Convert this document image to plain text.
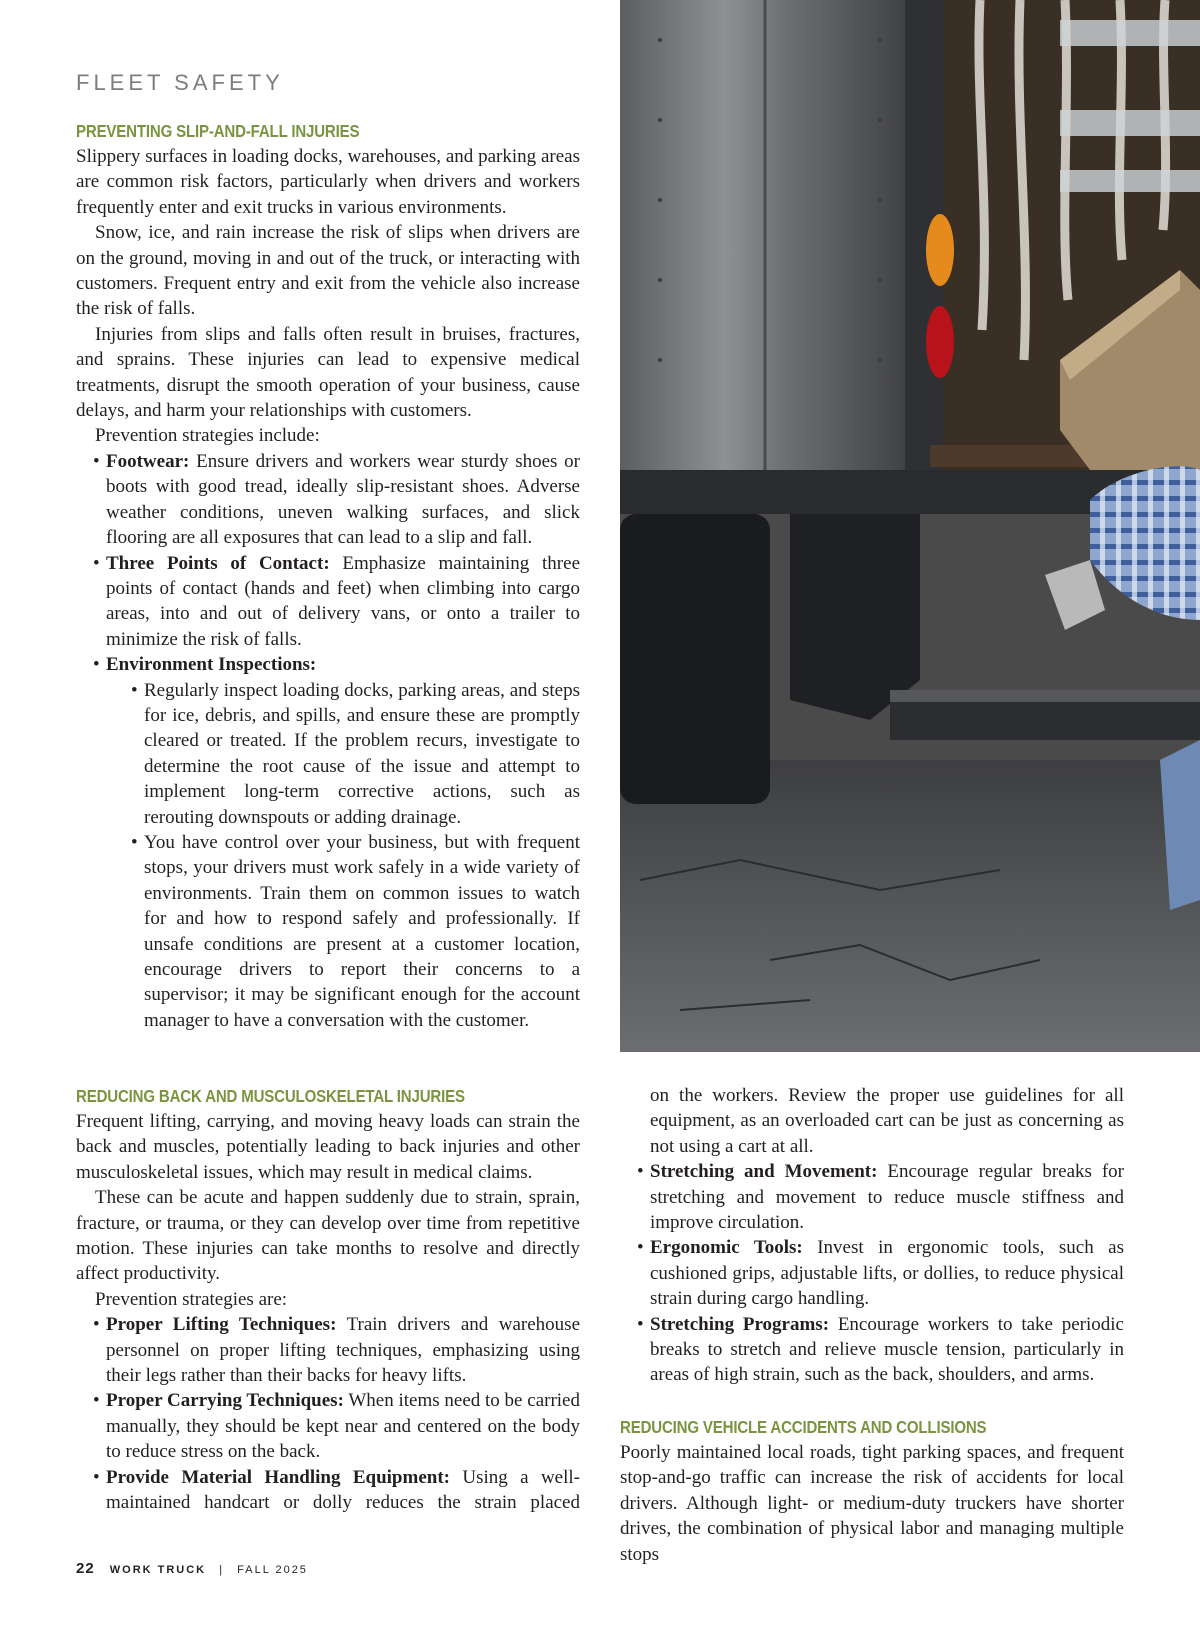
FLEET SAFETY
PREVENTING SLIP-AND-FALL INJURIES

Slippery surfaces in loading docks, warehouses, and parking areas are common risk factors, particularly when drivers and workers frequently enter and exit trucks in various environments.

Snow, ice, and rain increase the risk of slips when drivers are on the ground, moving in and out of the truck, or interacting with customers. Frequent entry and exit from the vehicle also increase the risk of falls.

Injuries from slips and falls often result in bruises, fractures, and sprains. These injuries can lead to expensive medical treatments, disrupt the smooth operation of your business, cause delays, and harm your relationships with customers.

Prevention strategies include:

• Footwear: Ensure drivers and workers wear sturdy shoes or boots with good tread, ideally slip-resistant shoes. Adverse weather conditions, uneven walking surfaces, and slick flooring are all exposures that can lead to a slip and fall.
• Three Points of Contact: Emphasize maintaining three points of contact (hands and feet) when climbing into cargo areas, into and out of delivery vans, or onto a trailer to minimize the risk of falls.
• Environment Inspections:
• Regularly inspect loading docks, parking areas, and steps for ice, debris, and spills, and ensure these are promptly cleared or treated. If the problem recurs, investigate to determine the root cause of the issue and attempt to implement long-term corrective actions, such as rerouting downspouts or adding drainage.
• You have control over your business, but with frequent stops, your drivers must work safely in a wide variety of environments. Train them on common issues to watch for and how to respond safely and professionally. If unsafe conditions are present at a customer location, encourage drivers to report their concerns to a supervisor; it may be significant enough for the account manager to have a conversation with the customer.
REDUCING BACK AND MUSCULOSKELETAL INJURIES

Frequent lifting, carrying, and moving heavy loads can strain the back and muscles, potentially leading to back injuries and other musculoskeletal issues, which may result in medical claims.

These can be acute and happen suddenly due to strain, sprain, fracture, or trauma, or they can develop over time from repetitive motion. These injuries can take months to resolve and directly affect productivity.

Prevention strategies are:

• Proper Lifting Techniques: Train drivers and warehouse personnel on proper lifting techniques, emphasizing using their legs rather than their backs for heavy lifts.
• Proper Carrying Techniques: When items need to be carried manually, they should be kept near and centered on the body to reduce stress on the back.
• Provide Material Handling Equipment: Using a well-maintained handcart or dolly reduces the strain placed
on the workers. Review the proper use guidelines for all equipment, as an overloaded cart can be just as concerning as not using a cart at all.
• Stretching and Movement: Encourage regular breaks for stretching and movement to reduce muscle stiffness and improve circulation.
• Ergonomic Tools: Invest in ergonomic tools, such as cushioned grips, adjustable lifts, or dollies, to reduce physical strain during cargo handling.
• Stretching Programs: Encourage workers to take periodic breaks to stretch and relieve muscle tension, particularly in areas of high strain, such as the back, shoulders, and arms.
REDUCING VEHICLE ACCIDENTS AND COLLISIONS

Poorly maintained local roads, tight parking spaces, and frequent stop-and-go traffic can increase the risk of accidents for local drivers. Although light- or medium-duty truckers have shorter drives, the combination of physical labor and managing multiple stops

22 WORK TRUCK | FALL 2025
